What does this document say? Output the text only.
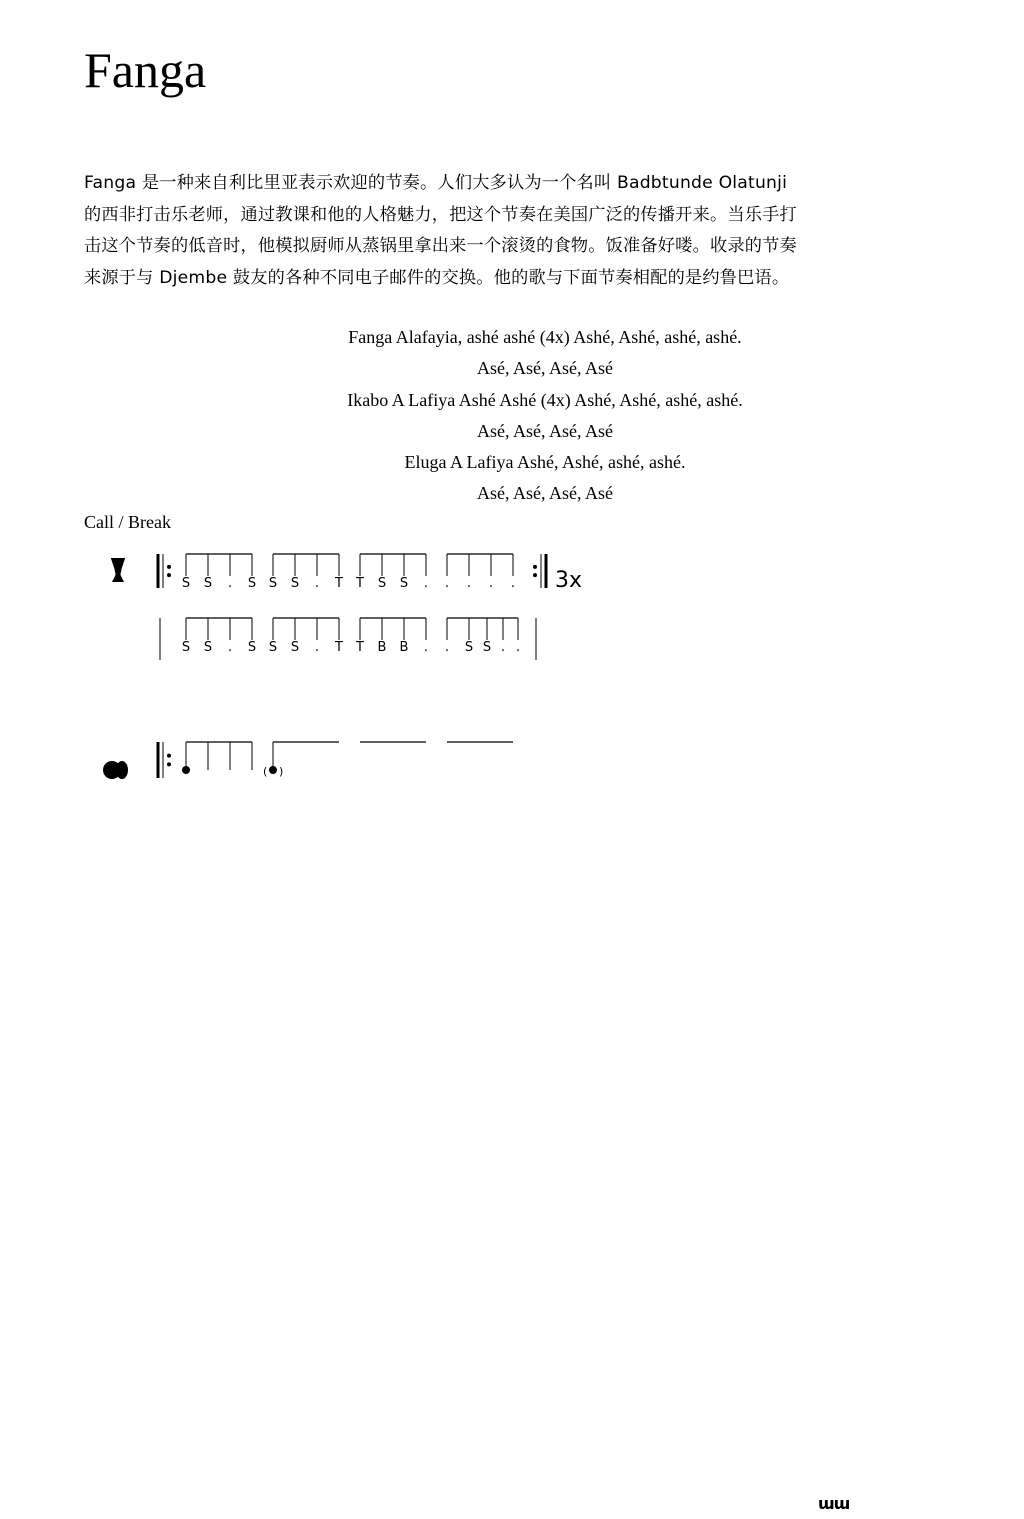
Fanga

Fanga 是一种来自利比里亚表示欢迎的节奏。人们大多认为一个名叫 Badbtunde Olatunji

的西非打击乐老师，通过教课和他的人格魅力，把这个节奏在美国广泛的传播开来。当乐手打

击这个节奏的低音时，他模拟厨师从蒸锅里拿出来一个滚烫的食物。饭准备好喽。收录的节奏

来源于与 Djembe 鼓友的各种不同电子邮件的交换。他的歌与下面节奏相配的是约鲁巴语。

Fanga Alafayia, ashé ashé (4x) Ashé, Ashé, ashé, ashé.
Asé, Asé, Asé, Asé
Ikabo A Lafiya Ashé Ashé (4x) Ashé, Ashé, ashé, ashé.
Asé, Asé, Asé, Asé
Eluga A Lafiya Ashé, Ashé, ashé, ashé.
Asé, Asé, Asé, Asé
Call / Break
S S . S S S . T T S S . . . . . 3x
S S . S S S . T T B B . . S S . .
( )
ɯɯ
